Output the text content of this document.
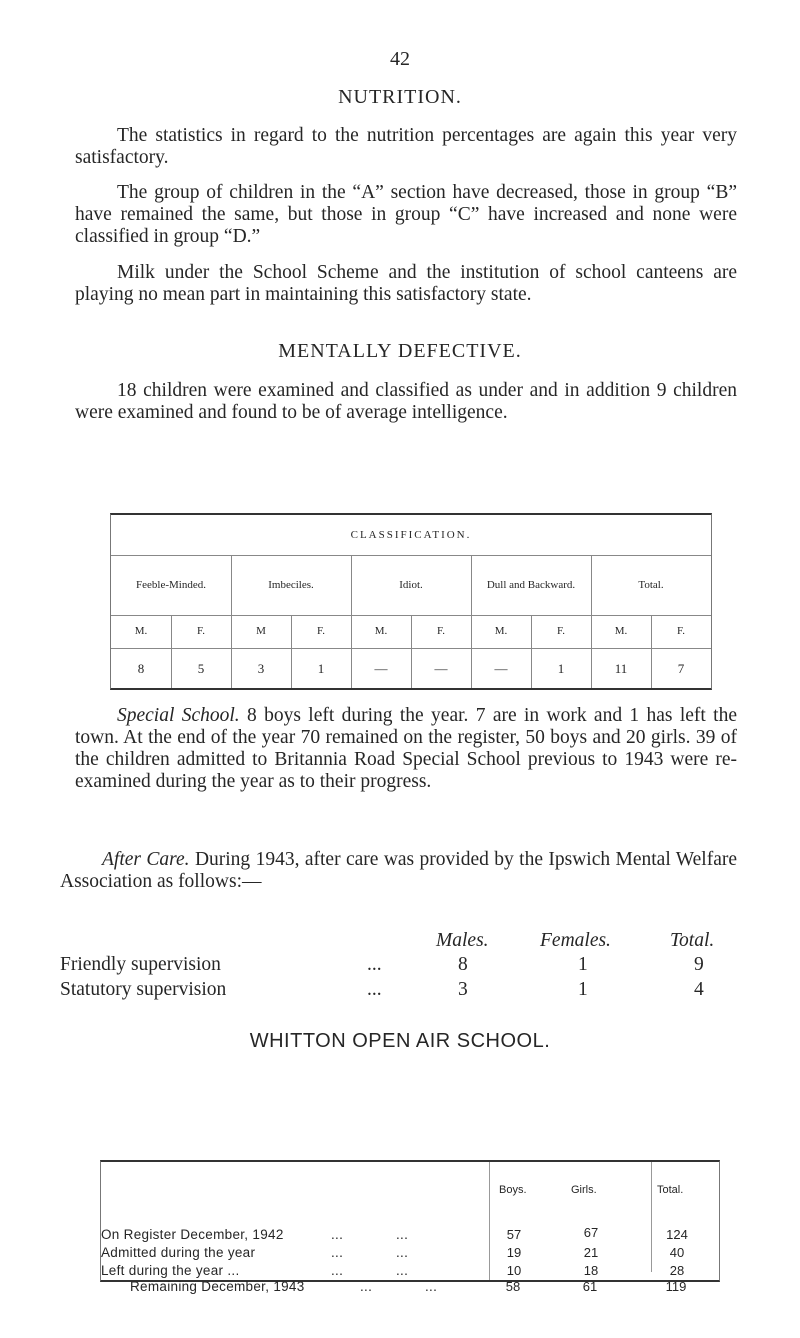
42
NUTRITION.

The statistics in regard to the nutrition percentages are again this year very satisfactory.

The group of children in the “A” section have decreased, those in group “B” have remained the same, but those in group “C” have increased and none were classified in group “D.”

Milk under the School Scheme and the institution of school canteens are playing no mean part in maintaining this satisfactory state.

MENTALLY DEFECTIVE.

18 children were examined and classified as under and in addition 9 children were examined and found to be of average intelligence.

CLASSIFICATION.
Feeble-Minded.	Imbeciles.	Idiot.	Dull and Backward.	Total.
M.	F.	M	F.	M.	F.	M.	F.	M.	F.
8	5	3	1	—	—	—	1	11	7

Special School. 8 boys left during the year. 7 are in work and 1 has left the town. At the end of the year 70 remained on the register, 50 boys and 20 girls. 39 of the children admitted to Britannia Road Special School previous to 1943 were re-examined during the year as to their progress.

After Care. During 1943, after care was provided by the Ipswich Mental Welfare Association as follows:—

Males.	Females.	Total.
Friendly supervision	...	8	1	9
Statutory supervision	...	3	1	4
WHITTON OPEN AIR SCHOOL.
Boys.	Girls.	Total.
On Register December, 1942	...	...	57	67	124
Admitted during the year	...	...	19	21	40
Left during the year ...	...	...	10	18	28
Remaining December, 1943	...	...	58	61	119
